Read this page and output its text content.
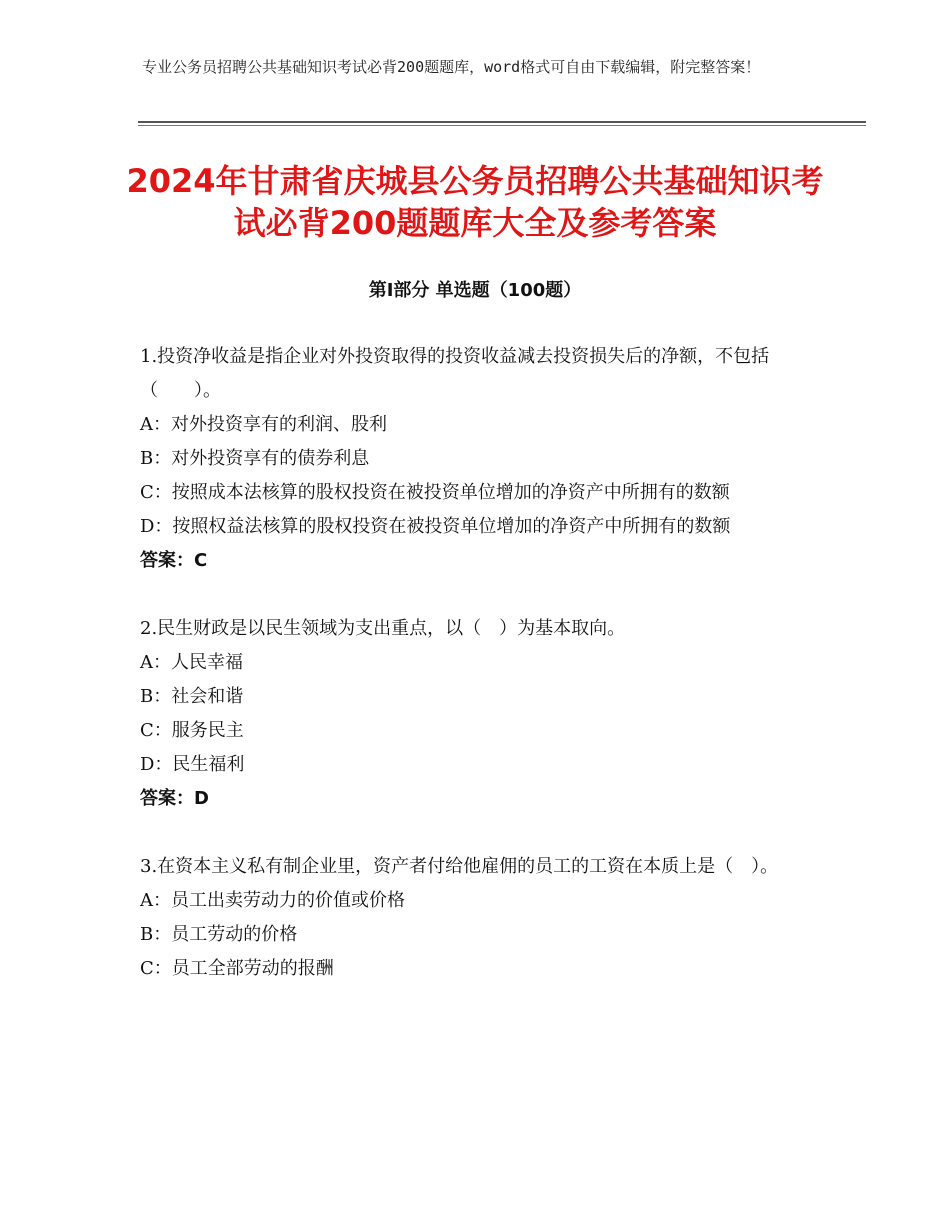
专业公务员招聘公共基础知识考试必背200题题库，word格式可自由下载编辑，附完整答案！
2024年甘肃省庆城县公务员招聘公共基础知识考试必背200题题库大全及参考答案
第Ⅰ部分 单选题（100题）
1.投资净收益是指企业对外投资取得的投资收益减去投资损失后的净额，不包括（　　）。
A：对外投资享有的利润、股利
B：对外投资享有的债券利息
C：按照成本法核算的股权投资在被投资单位增加的净资产中所拥有的数额
D：按照权益法核算的股权投资在被投资单位增加的净资产中所拥有的数额
答案：C
2.民生财政是以民生领域为支出重点，以（　）为基本取向。
A：人民幸福
B：社会和谐
C：服务民主
D：民生福利
答案：D
3.在资本主义私有制企业里，资产者付给他雇佣的员工的工资在本质上是（　）。
A：员工出卖劳动力的价值或价格
B：员工劳动的价格
C：员工全部劳动的报酬
